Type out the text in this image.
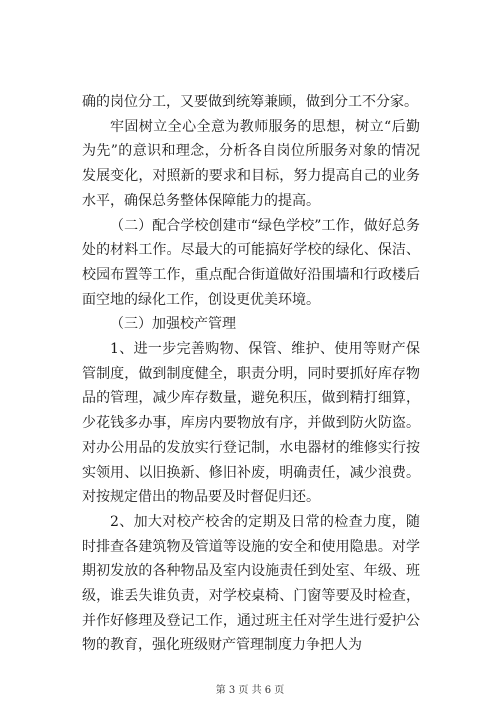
确的岗位分工，又要做到统筹兼顾，做到分工不分家。

牢固树立全心全意为教师服务的思想，树立“后勤为先”的意识和理念，分析各自岗位所服务对象的情况发展变化，对照新的要求和目标，努力提高自己的业务水平，确保总务整体保障能力的提高。

（二）配合学校创建市“绿色学校”工作，做好总务处的材料工作。尽最大的可能搞好学校的绿化、保洁、校园布置等工作，重点配合街道做好沿围墙和行政楼后面空地的绿化工作，创设更优美环境。

（三）加强校产管理

1、进一步完善购物、保管、维护、使用等财产保管制度，做到制度健全，职责分明，同时要抓好库存物品的管理，减少库存数量，避免积压，做到精打细算，少花钱多办事，库房内要物放有序，并做到防火防盗。对办公用品的发放实行登记制，水电器材的维修实行按实领用、以旧换新、修旧补废，明确责任，减少浪费。对按规定借出的物品要及时督促归还。

2、加大对校产校舍的定期及日常的检查力度，随时排查各建筑物及管道等设施的安全和使用隐患。对学期初发放的各种物品及室内设施责任到处室、年级、班级，谁丢失谁负责，对学校桌椅、门窗等要及时检查，并作好修理及登记工作，通过班主任对学生进行爱护公物的教育，强化班级财产管理制度力争把人为

第 3 页 共 6 页
